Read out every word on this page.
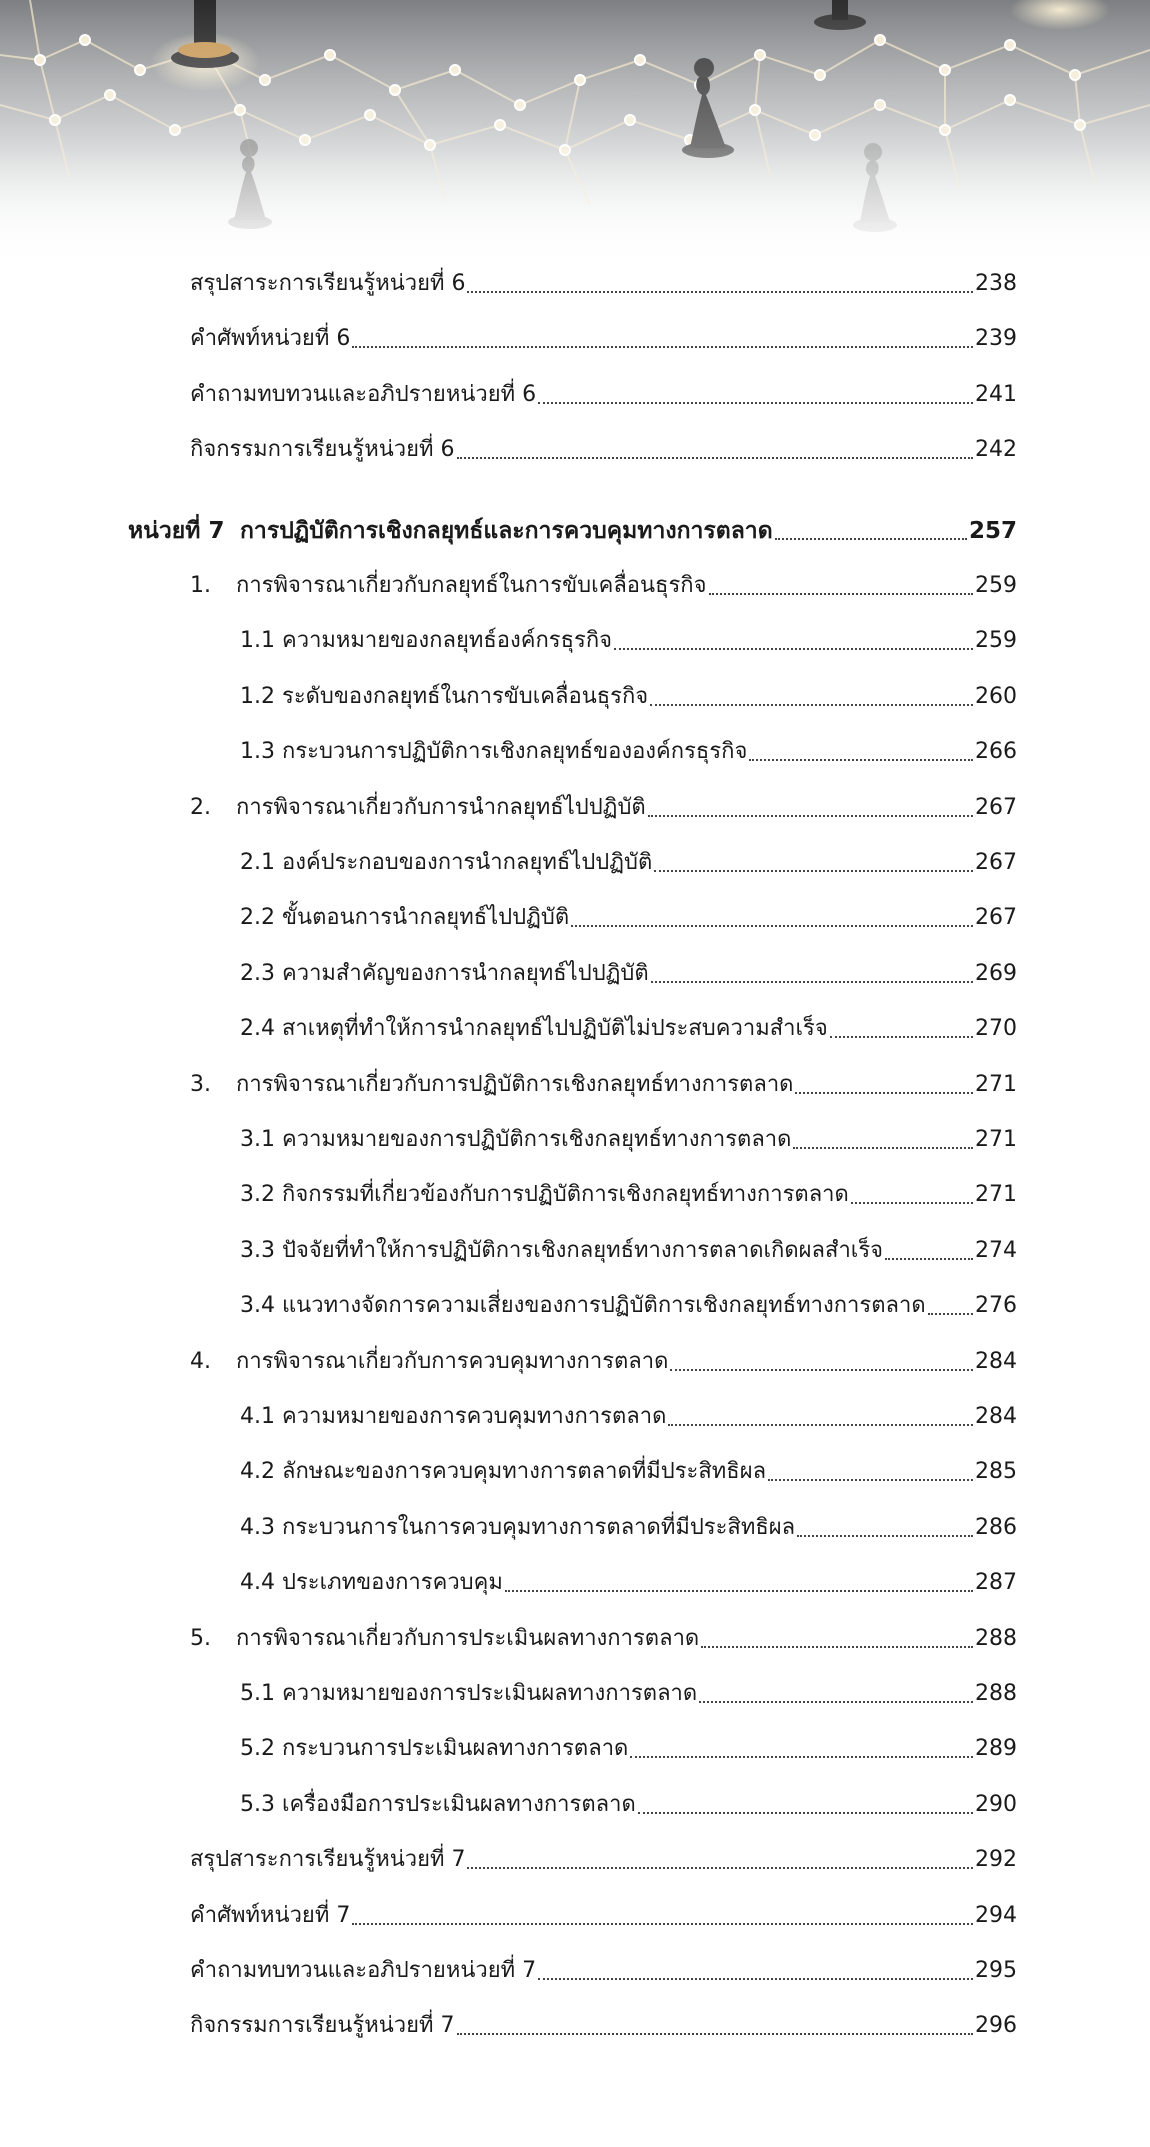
สรุปสาระการเรียนรู้หน่วยที่ 6	238
คำศัพท์หน่วยที่ 6	239
คำถามทบทวนและอภิปรายหน่วยที่ 6	241
กิจกรรมการเรียนรู้หน่วยที่ 6	242
หน่วยที่ 7 การปฏิบัติการเชิงกลยุทธ์และการควบคุมทางการตลาด	257
1.	การพิจารณาเกี่ยวกับกลยุทธ์ในการขับเคลื่อนธุรกิจ	259
1.1 ความหมายของกลยุทธ์องค์กรธุรกิจ	259
1.2 ระดับของกลยุทธ์ในการขับเคลื่อนธุรกิจ	260
1.3 กระบวนการปฏิบัติการเชิงกลยุทธ์ขององค์กรธุรกิจ	266
2.	การพิจารณาเกี่ยวกับการนำกลยุทธ์ไปปฏิบัติ	267
2.1 องค์ประกอบของการนำกลยุทธ์ไปปฏิบัติ	267
2.2 ขั้นตอนการนำกลยุทธ์ไปปฏิบัติ	267
2.3 ความสำคัญของการนำกลยุทธ์ไปปฏิบัติ	269
2.4 สาเหตุที่ทำให้การนำกลยุทธ์ไปปฏิบัติไม่ประสบความสำเร็จ	270
3.	การพิจารณาเกี่ยวกับการปฏิบัติการเชิงกลยุทธ์ทางการตลาด	271
3.1 ความหมายของการปฏิบัติการเชิงกลยุทธ์ทางการตลาด	271
3.2 กิจกรรมที่เกี่ยวข้องกับการปฏิบัติการเชิงกลยุทธ์ทางการตลาด	271
3.3 ปัจจัยที่ทำให้การปฏิบัติการเชิงกลยุทธ์ทางการตลาดเกิดผลสำเร็จ	274
3.4 แนวทางจัดการความเสี่ยงของการปฏิบัติการเชิงกลยุทธ์ทางการตลาด 276
4.	การพิจารณาเกี่ยวกับการควบคุมทางการตลาด	284
4.1 ความหมายของการควบคุมทางการตลาด	284
4.2 ลักษณะของการควบคุมทางการตลาดที่มีประสิทธิผล	285
4.3 กระบวนการในการควบคุมทางการตลาดที่มีประสิทธิผล	286
4.4 ประเภทของการควบคุม	287
5.	การพิจารณาเกี่ยวกับการประเมินผลทางการตลาด	288
5.1 ความหมายของการประเมินผลทางการตลาด	288
5.2 กระบวนการประเมินผลทางการตลาด	289
5.3 เครื่องมือการประเมินผลทางการตลาด	290
สรุปสาระการเรียนรู้หน่วยที่ 7	292
คำศัพท์หน่วยที่ 7	294
คำถามทบทวนและอภิปรายหน่วยที่ 7	295
กิจกรรมการเรียนรู้หน่วยที่ 7	296
